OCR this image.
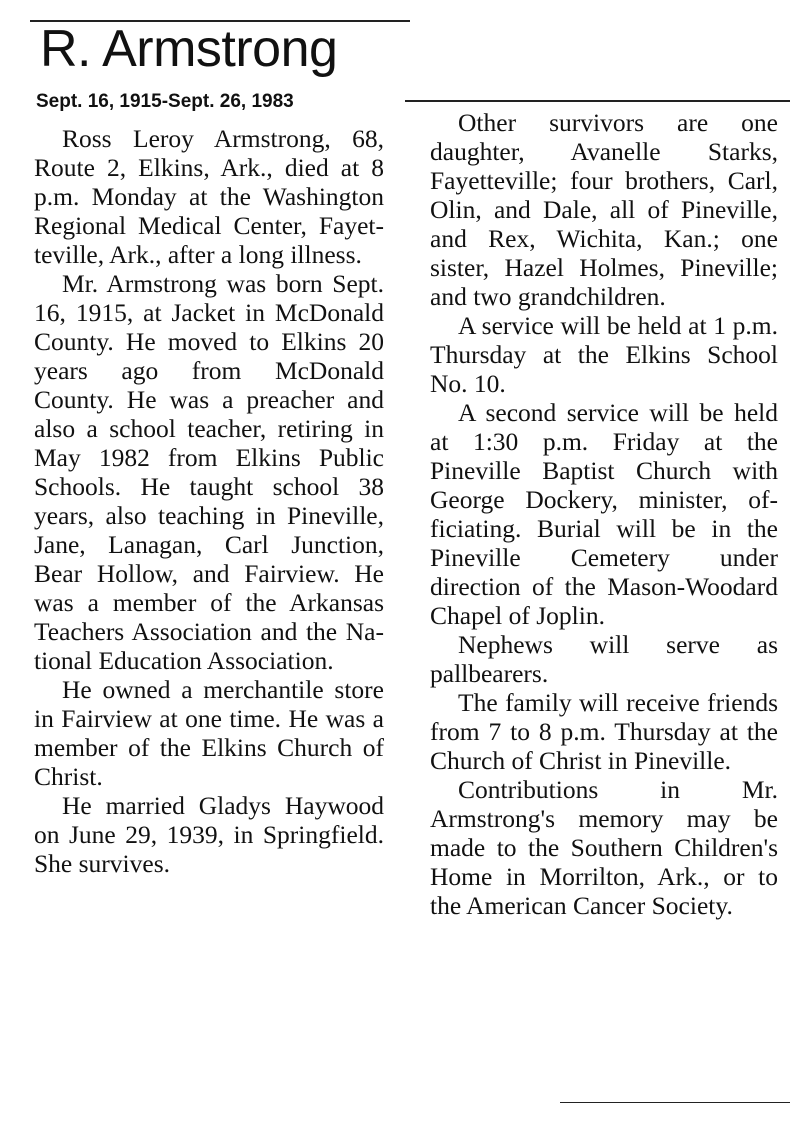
R. Armstrong
Sept. 16, 1915-Sept. 26, 1983

Ross Leroy Armstrong, 68, Route 2, Elkins, Ark., died at 8 p.m. Monday at the Washington Regional Medical Center, Fayetteville, Ark., after a long illness.

Mr. Armstrong was born Sept. 16, 1915, at Jacket in McDonald County. He moved to Elkins 20 years ago from McDonald County. He was a preacher and also a school teacher, retiring in May 1982 from Elkins Public Schools. He taught school 38 years, also teaching in Pineville, Jane, Lanagan, Carl Junction, Bear Hollow, and Fairview. He was a member of the Arkansas Teachers Association and the National Education Association.

He owned a merchantile store in Fairview at one time. He was a member of the Elkins Church of Christ.

He married Gladys Haywood on June 29, 1939, in Springfield. She survives.

Other survivors are one daughter, Avanelle Starks, Fayetteville; four brothers, Carl, Olin, and Dale, all of Pineville, and Rex, Wichita, Kan.; one sister, Hazel Holmes, Pineville; and two grandchildren.

A service will be held at 1 p.m. Thursday at the Elkins School No. 10.

A second service will be held at 1:30 p.m. Friday at the Pineville Baptist Church with George Dockery, minister, officiating. Burial will be in the Pineville Cemetery under direction of the Mason-Woodard Chapel of Joplin.

Nephews will serve as pallbearers.

The family will receive friends from 7 to 8 p.m. Thursday at the Church of Christ in Pineville.

Contributions in Mr. Armstrong's memory may be made to the Southern Children's Home in Morrilton, Ark., or to the American Cancer Society.
